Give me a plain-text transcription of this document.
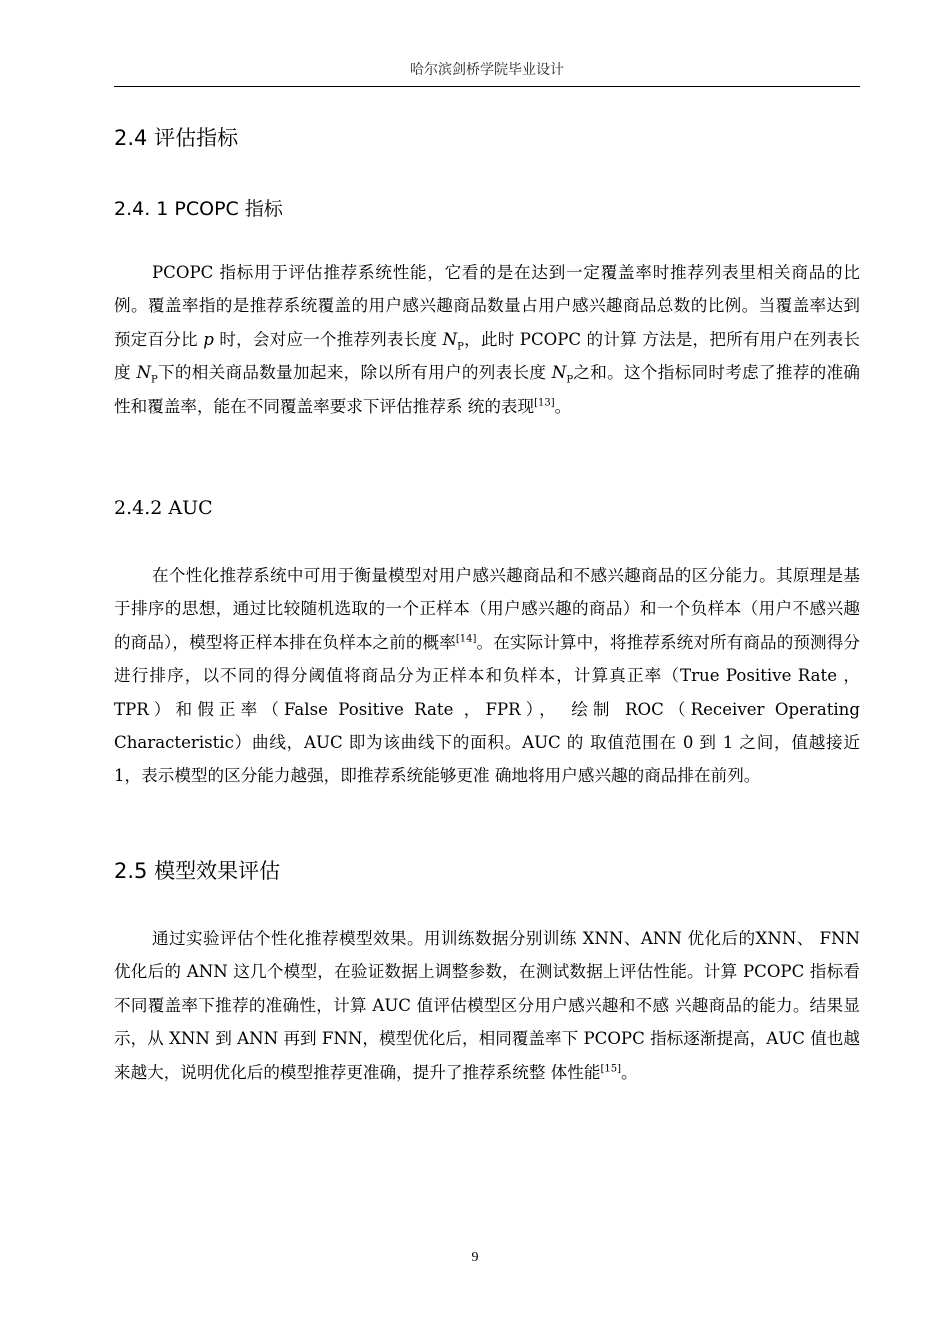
哈尔滨剑桥学院毕业设计
2.4 评估指标
2.4. 1 PCOPC 指标

PCOPC 指标用于评估推荐系统性能，它看的是在达到一定覆盖率时推荐列表里相关商品的比例。覆盖率指的是推荐系统覆盖的用户感兴趣商品数量占用户感兴趣商品总数的比例。当覆盖率达到预定百分比 p 时，会对应一个推荐列表长度 $N_P$，此时 PCOPC 的计算 方法是，把所有用户在列表长度 $N_P$下的相关商品数量加起来，除以所有用户的列表长度 $N_P$之和。这个指标同时考虑了推荐的准确性和覆盖率，能在不同覆盖率要求下评估推荐系 统的表现[13]。

2.4.2 AUC

在个性化推荐系统中可用于衡量模型对用户感兴趣商品和不感兴趣商品的区分能力。其原理是基于排序的思想，通过比较随机选取的一个正样本（用户感兴趣的商品）和一个负样本（用户不感兴趣的商品），模型将正样本排在负样本之前的概率[14]。在实际计算中，将推荐系统对所有商品的预测得分进行排序，以不同的得分阈值将商品分为正样本和负样本，计算真正率（True Positive Rate ，TPR）和假正率（False Positive Rate ，FPR）， 绘制 ROC（Receiver Operating Characteristic）曲线，AUC 即为该曲线下的面积。AUC 的 取值范围在 0 到 1 之间，值越接近 1，表示模型的区分能力越强，即推荐系统能够更准 确地将用户感兴趣的商品排在前列。

2.5 模型效果评估

通过实验评估个性化推荐模型效果。用训练数据分别训练 XNN、ANN 优化后的XNN、 FNN 优化后的 ANN 这几个模型，在验证数据上调整参数，在测试数据上评估性能。计算 PCOPC 指标看不同覆盖率下推荐的准确性，计算 AUC 值评估模型区分用户感兴趣和不感 兴趣商品的能力。结果显示，从 XNN 到 ANN 再到 FNN，模型优化后，相同覆盖率下 PCOPC 指标逐渐提高，AUC 值也越来越大，说明优化后的模型推荐更准确，提升了推荐系统整 体性能[15]。

9
